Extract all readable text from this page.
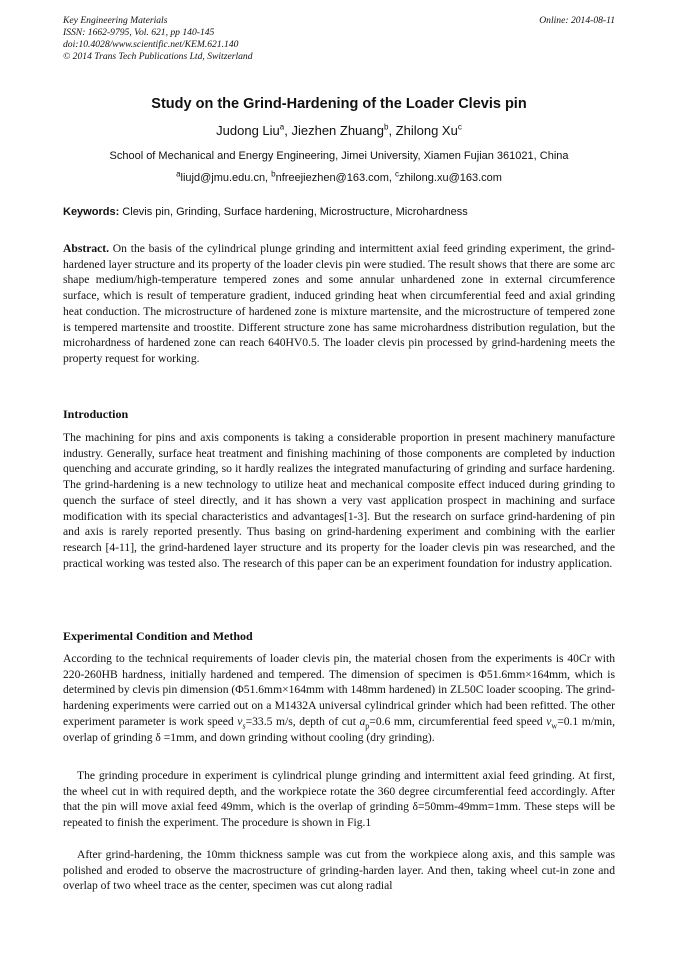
Key Engineering Materials
ISSN: 1662-9795, Vol. 621, pp 140-145
doi:10.4028/www.scientific.net/KEM.621.140
© 2014 Trans Tech Publications Ltd, Switzerland
Online: 2014-08-11
Study on the Grind-Hardening of the Loader Clevis pin
Judong Liu$^a$, Jiezhen Zhuang$^b$, Zhilong Xu$^c$
School of Mechanical and Energy Engineering, Jimei University, Xiamen Fujian 361021, China
$^a$liujd@jmu.edu.cn, $^b$nfreejiezhen@163.com, $^c$zhilong.xu@163.com
Keywords: Clevis pin, Grinding, Surface hardening, Microstructure, Microhardness

Abstract. On the basis of the cylindrical plunge grinding and intermittent axial feed grinding experiment, the grind-hardened layer structure and its property of the loader clevis pin were studied. The result shows that there are some arc shape medium/high-temperature tempered zones and some annular unhardened zone in external circumference surface, which is result of temperature gradient, induced grinding heat when circumferential feed and axial grinding heat conduction. The microstructure of hardened zone is mixture martensite, and the microstructure of tempered zone is tempered martensite and troostite. Different structure zone has same microhardness distribution regulation, but the microhardness of hardened zone can reach 640HV0.5. The loader clevis pin processed by grind-hardening meets the property request for working.

Introduction

The machining for pins and axis components is taking a considerable proportion in present machinery manufacture industry. Generally, surface heat treatment and finishing machining of those components are completed by induction quenching and accurate grinding, so it hardly realizes the integrated manufacturing of grinding and surface hardening. The grind-hardening is a new technology to utilize heat and mechanical composite effect induced during grinding to quench the surface of steel directly, and it has shown a very vast application prospect in machining and surface modification with its special characteristics and advantages[1-3]. But the research on surface grind-hardening of pin and axis is rarely reported presently. Thus basing on grind-hardening experiment and combining with the earlier research [4-11], the grind-hardened layer structure and its property for the loader clevis pin was researched, and the practical working was tested also. The research of this paper can be an experiment foundation for industry application.

Experimental Condition and Method

According to the technical requirements of loader clevis pin, the material chosen from the experiments is 40Cr with 220-260HB hardness, initially hardened and tempered. The dimension of specimen is Φ51.6mm×164mm, which is determined by clevis pin dimension (Φ51.6mm×164mm with 148mm hardened) in ZL50C loader scooping. The grind-hardening experiments were carried out on a M1432A universal cylindrical grinder which had been refitted. The other experiment parameter is work speed $v_s=33.5$ m/s, depth of cut $a_p=0.6$ mm, circumferential feed speed $v_w=0.1$ m/min, overlap of grinding δ =1mm, and down grinding without cooling (dry grinding).

The grinding procedure in experiment is cylindrical plunge grinding and intermittent axial feed grinding. At first, the wheel cut in with required depth, and the workpiece rotate the 360 degree circumferential feed accordingly. After that the pin will move axial feed 49mm, which is the overlap of grinding δ=50mm-49mm=1mm. These steps will be repeated to finish the experiment. The procedure is shown in Fig.1

After grind-hardening, the 10mm thickness sample was cut from the workpiece along axis, and this sample was polished and eroded to observe the macrostructure of grinding-harden layer. And then, taking wheel cut-in zone and overlap of two wheel trace as the center, specimen was cut along radial
